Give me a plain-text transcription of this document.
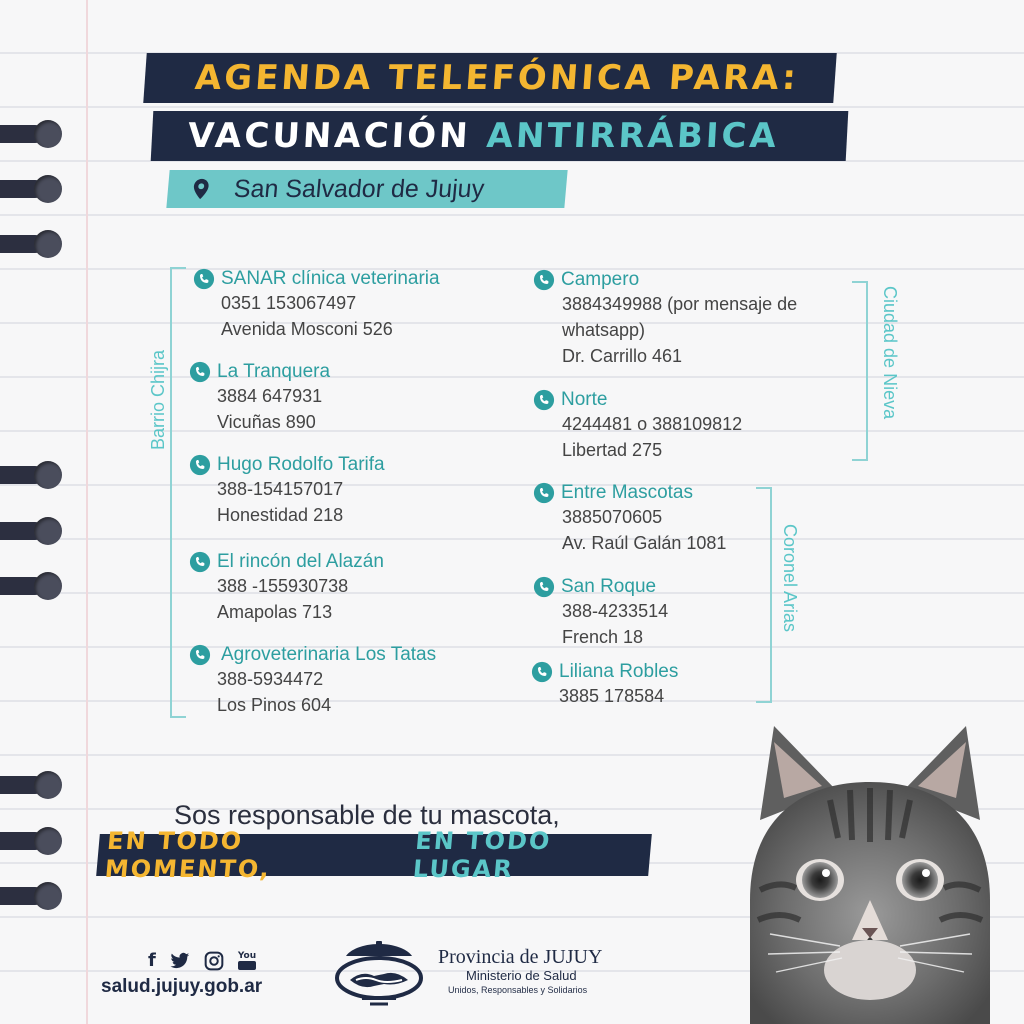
AGENDA TELEFÓNICA PARA:
VACUNACIÓN ANTIRRÁBICA
San Salvador de Jujuy
Barrio Chijra	Ciudad de Nieva
Coronel Arias
SANAR clínica veterinaria
0351 153067497
Avenida Mosconi 526
La Tranquera
3884 647931
Vicuñas 890
Hugo Rodolfo Tarifa
388-154157017
Honestidad 218
El rincón del Alazán
388 -155930738
Amapolas 713
Agroveterinaria Los Tatas
388-5934472
Los Pinos 604
Campero
3884349988 (por mensaje de
whatsapp)
Dr. Carrillo 461
Norte
4244481 o 388109812
Libertad 275
Entre Mascotas
3885070605
Av. Raúl Galán 1081
San Roque
388-4233514
French 18
Liliana Robles
3885 178584
Sos responsable de tu mascota,
EN TODO MOMENTO,
EN TODO LUGAR
f	You
salud.jujuy.gob.ar
Provincia de JUJUY
Ministerio de Salud
Unidos, Responsables y Solidarios
